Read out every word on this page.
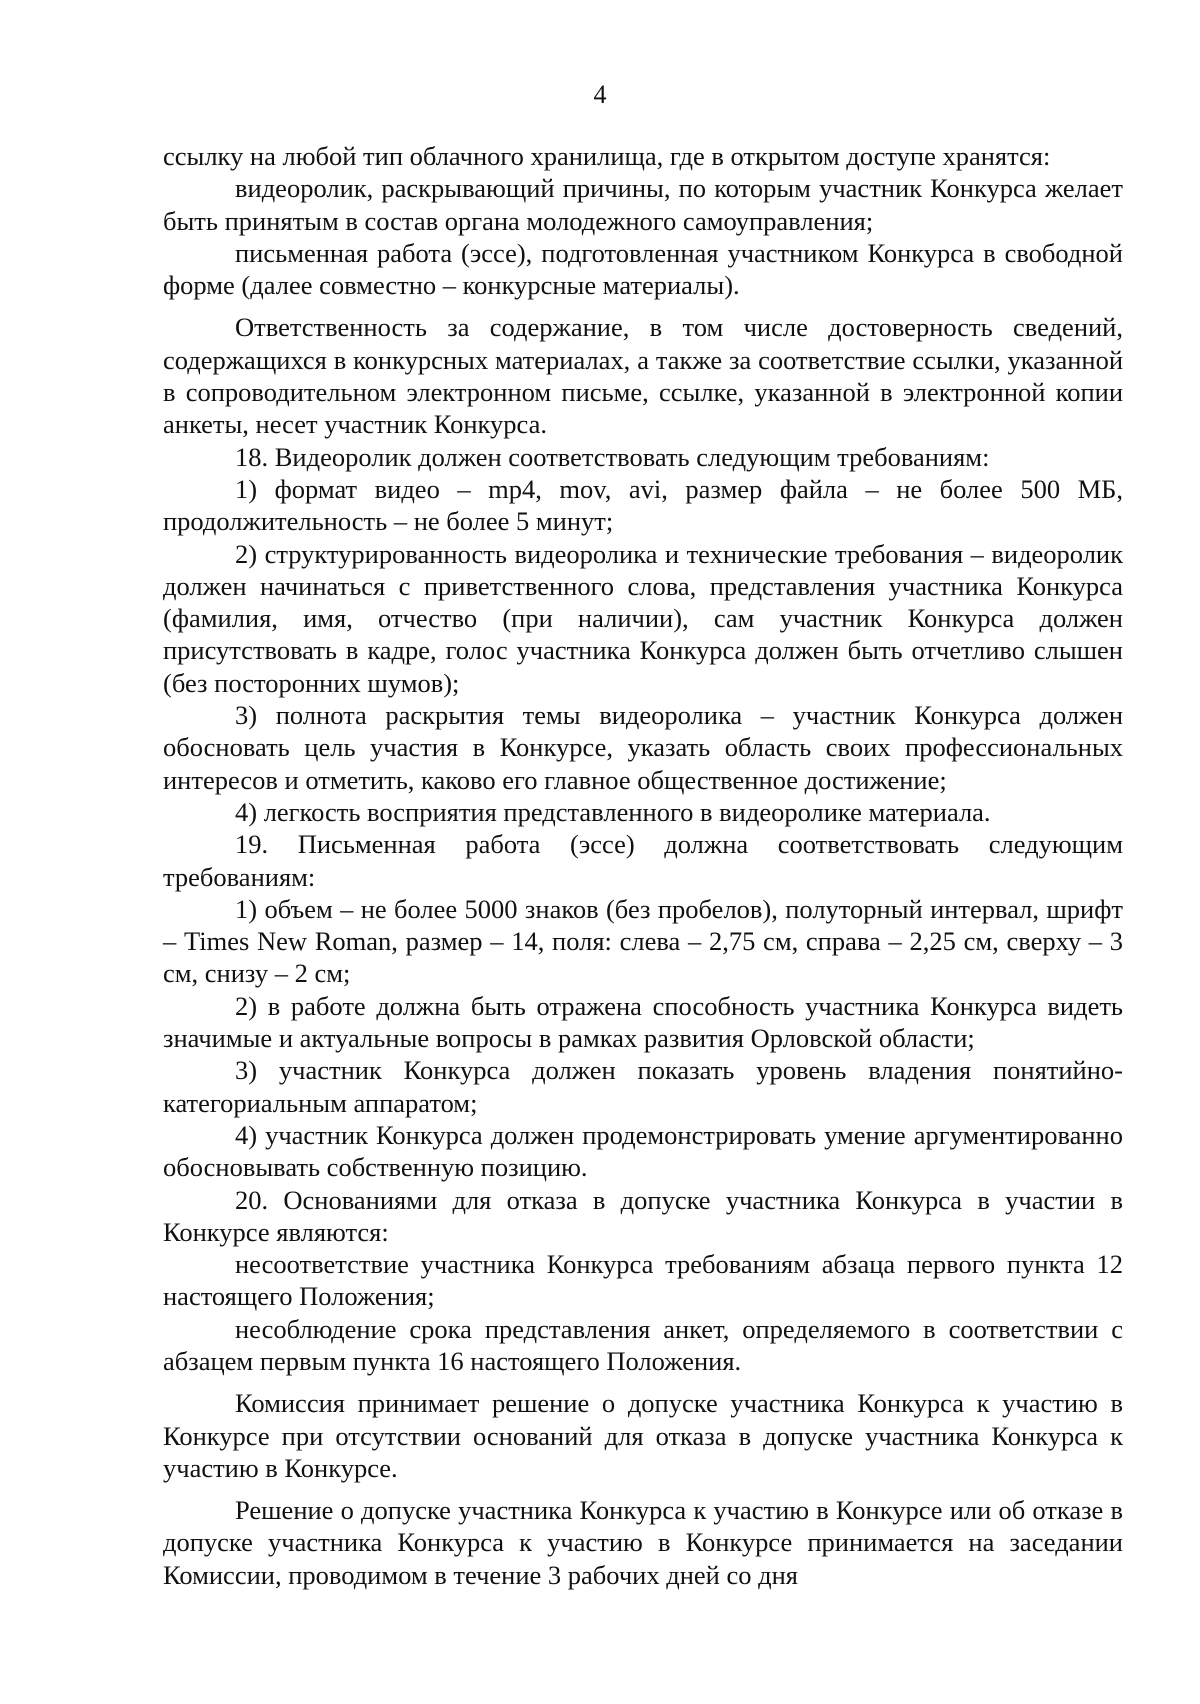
4

ссылку на любой тип облачного хранилища, где в открытом доступе хранятся:

видеоролик, раскрывающий причины, по которым участник Конкурса желает быть принятым в состав органа молодежного самоуправления;

письменная работа (эссе), подготовленная участником Конкурса в свободной форме (далее совместно – конкурсные материалы).

Ответственность за содержание, в том числе достоверность сведений, содержащихся в конкурсных материалах, а также за соответствие ссылки, указанной в сопроводительном электронном письме, ссылке, указанной в электронной копии анкеты, несет участник Конкурса.

18. Видеоролик должен соответствовать следующим требованиям:

1) формат видео – mp4, mov, avi, размер файла – не более 500 МБ, продолжительность – не более 5 минут;

2) структурированность видеоролика и технические требования – видеоролик должен начинаться с приветственного слова, представления участника Конкурса (фамилия, имя, отчество (при наличии), сам участник Конкурса должен присутствовать в кадре, голос участника Конкурса должен быть отчетливо слышен (без посторонних шумов);

3) полнота раскрытия темы видеоролика – участник Конкурса должен обосновать цель участия в Конкурсе, указать область своих профессиональных интересов и отметить, каково его главное общественное достижение;

4) легкость восприятия представленного в видеоролике материала.

19. Письменная работа (эссе) должна соответствовать следующим требованиям:

1) объем – не более 5000 знаков (без пробелов), полуторный интервал, шрифт – Times New Roman, размер – 14, поля: слева – 2,75 см, справа – 2,25 см, сверху – 3 см, снизу – 2 см;

2) в работе должна быть отражена способность участника Конкурса видеть значимые и актуальные вопросы в рамках развития Орловской области;

3) участник Конкурса должен показать уровень владения понятийно-категориальным аппаратом;

4) участник Конкурса должен продемонстрировать умение аргументированно обосновывать собственную позицию.

20. Основаниями для отказа в допуске участника Конкурса в участии в Конкурсе являются:

несоответствие участника Конкурса требованиям абзаца первого пункта 12 настоящего Положения;

несоблюдение срока представления анкет, определяемого в соответствии с абзацем первым пункта 16 настоящего Положения.

Комиссия принимает решение о допуске участника Конкурса к участию в Конкурсе при отсутствии оснований для отказа в допуске участника Конкурса к участию в Конкурсе.

Решение о допуске участника Конкурса к участию в Конкурсе или об отказе в допуске участника Конкурса к участию в Конкурсе принимается на заседании Комиссии, проводимом в течение 3 рабочих дней со дня
